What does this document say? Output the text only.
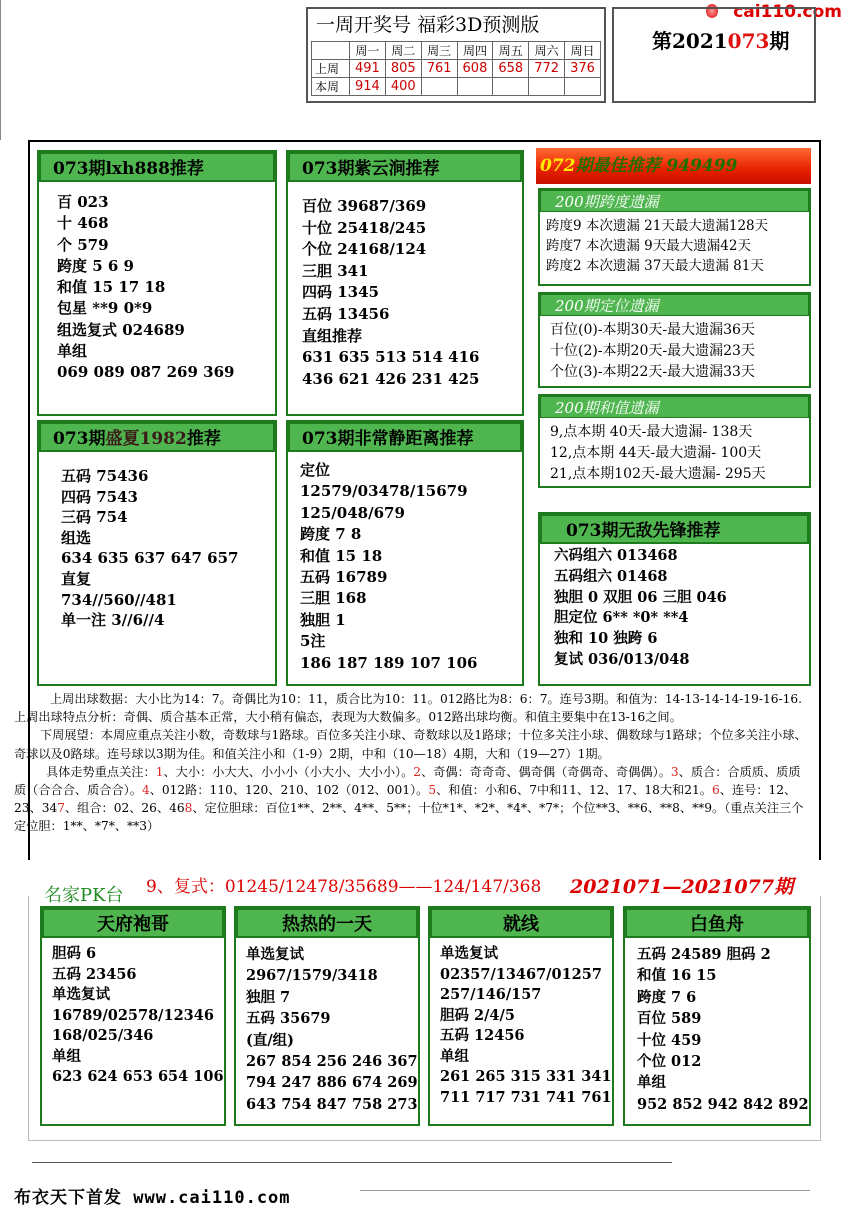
cai110.com
一周开奖号 福彩3D预测版
	周一	周二	周三	周四	周五	周六	周日
上周	491	805	761	608	658	772	376
本周	914	400					
第2021073期
073期lxh888推荐
百 023
十 468
个 579
跨度 5 6 9
和值 15 17 18
包星 **9 0*9
组选复式 024689
单组
069 089 087 269 369
073期紫云涧推荐
百位 39687/369
十位 25418/245
个位 24168/124
三胆 341
四码 1345
五码 13456
直组推荐
631 635 513 514 416
436 621 426 231 425
073期盛夏1982推荐
五码 75436
四码 7543
三码 754
组选
634 635 637 647 657
直复
734//560//481
单一注 3//6//4
073期非常静距离推荐
定位
12579/03478/15679
125/048/679
跨度 7 8
和值 15 18
五码 16789
三胆 168
独胆 1
5注
186 187 189 107 106
072期最佳推荐 949499
200期跨度遗漏
跨度9 本次遗漏 21天最大遗漏128天
跨度7 本次遗漏 9天最大遗漏42天
跨度2 本次遗漏 37天最大遗漏 81天
200期定位遗漏
百位(0)-本期30天-最大遗漏36天
十位(2)-本期20天-最大遗漏23天
个位(3)-本期22天-最大遗漏33天
200期和值遗漏
9,点本期 40天-最大遗漏- 138天
12,点本期 44天-最大遗漏- 100天
21,点本期102天-最大遗漏- 295天
073期无敌先锋推荐
六码组六 013468
五码组六 01468
独胆 0 双胆 06 三胆 046
胆定位 6** *0* **4
独和 10 独跨 6
复试 036/013/048

上周出球数据：大小比为14：7。奇偶比为10：11，质合比为10：11。012路比为8：6：7。连号3期。和值为：14-13-14-14-19-16-16.上周出球特点分析：奇偶、质合基本正常，大小稍有偏态，表现为大数偏多。012路出球均衡。和值主要集中在13-16之间。

下周展望：本周应重点关注小数，奇数球与1路球。百位多关注小球、奇数球以及1路球；十位多关注小球、偶数球与1路球；个位多关注小球、奇球以及0路球。连号球以3期为佳。和值关注小和（1-9）2期，中和（10—18）4期，大和（19—27）1期。

具体走势重点关注：1、大小：小大大、小小小（小大小、大小小）。2、奇偶：奇奇奇、偶奇偶（奇偶奇、奇偶偶）。3、质合：合质质、质质质（合合合、质合合）。4、012路：110、120、210、102（012、001）。5、和值：小和6、7中和11、12、17、18大和21。6、连号：12、23、347、组合：02、26、468、定位胆球：百位1**、2**、4**、5**；十位*1*、*2*、*4*、*7*；个位**3、**6、**8、**9。（重点关注三个定位胆：1**、*7*、**3）

名家PK台 9、复式：01245/12478/35689——124/147/368 2021071—2021077期
天府袍哥
胆码 6
五码 23456
单选复试
16789/02578/12346
168/025/346
单组
623 624 653 654 106
热热的一天
单选复试
2967/1579/3418
独胆 7
五码 35679
(直/组)
267 854 256 246 367
794 247 886 674 269
643 754 847 758 273
就线
单选复试
02357/13467/01257
257/146/157
胆码 2/4/5
五码 12456
单组
261 265 315 331 341
711 717 731 741 761
白鱼舟
五码 24589 胆码 2
和值 16 15
跨度 7 6
百位 589
十位 459
个位 012
单组
952 852 942 842 892
布衣天下首发 www.cai110.com
